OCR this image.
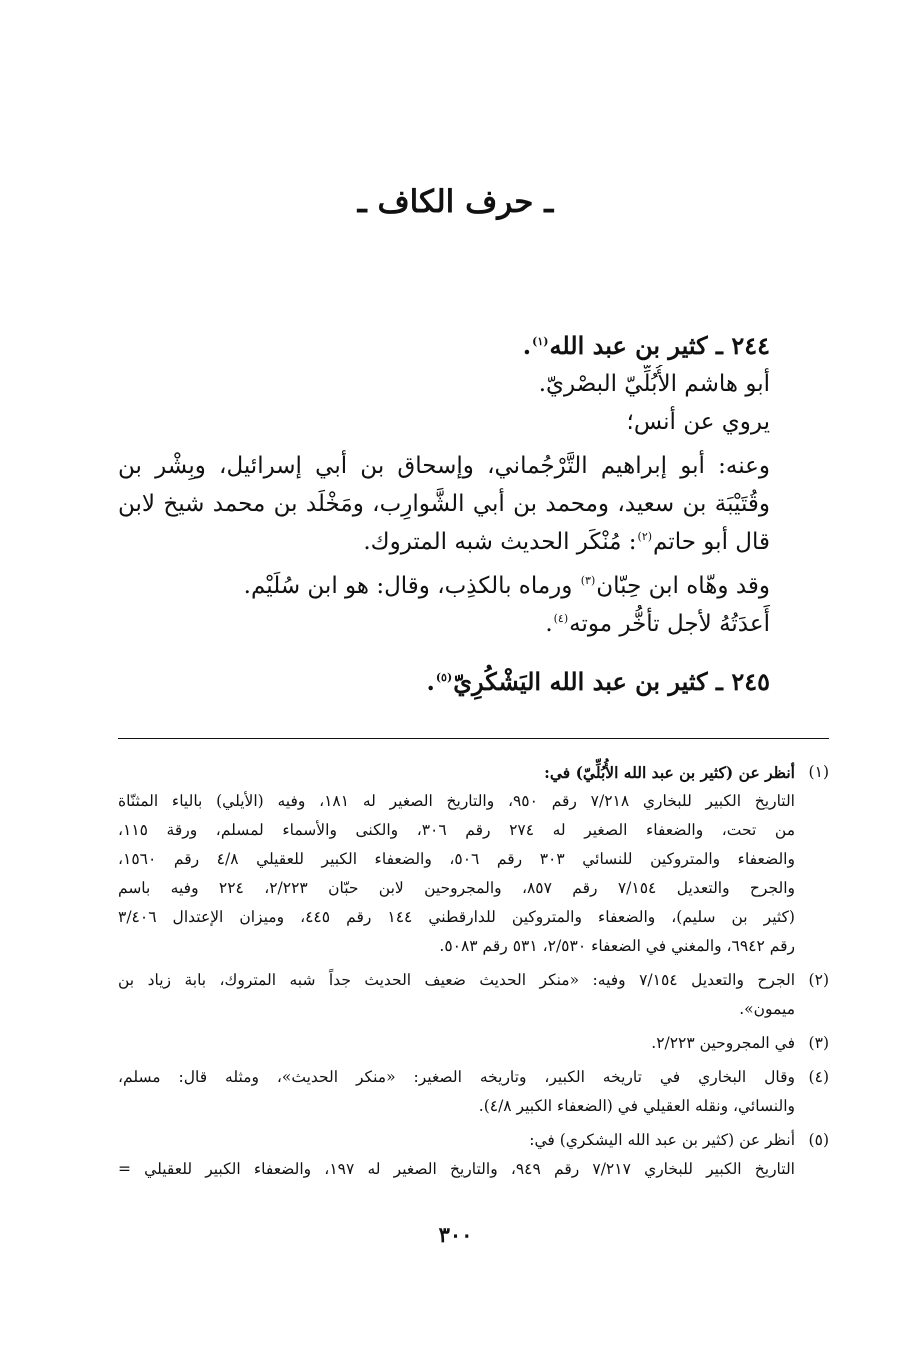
ـ حرف الكاف ـ
٢٤٤ ـ كثير بن عبد الله$^{(١)}$.
أبو هاشم الأُبُلِّيّ البصْريّ.
يروي عن أنس؛
وعنه: أبو إبراهيم التَّرْجُماني، وإسحاق بن أبي إسرائيل، وبِشْر بن
وقُتَيْبَة بن سعيد، ومحمد بن أبي الشَّوارِب، ومَخْلَد بن محمد شيخ لابن
قال أبو حاتم$^{(٢)}$: مُنْكَر الحديث شبه المتروك.
وقد وهّاه ابن حِبّان$^{(٣)}$ ورماه بالكذِب، وقال: هو ابن سُلَيْم.
أَعدَتُهُ لأجل تأخُّر موته$^{(٤)}$.
٢٤٥ ـ كثير بن عبد الله اليَشْكُرِيّ$^{(٥)}$.
(١)
أنظر عن (كثير بن عبد الله الأُبُلِّيّ) في:
التاريخ الكبير للبخاري ٧/٢١٨ رقم ٩٥٠، والتاريخ الصغير له ١٨١، وفيه (الأيلي) بالياء المثنّاة
من تحت، والضعفاء الصغير له ٢٧٤ رقم ٣٠٦، والكنى والأسماء لمسلم، ورقة ١١٥،
والضعفاء والمتروكين للنسائي ٣٠٣ رقم ٥٠٦، والضعفاء الكبير للعقيلي ٤/٨ رقم ١٥٦٠،
والجرح والتعديل ٧/١٥٤ رقم ٨٥٧، والمجروحين لابن حبّان ٢/٢٢٣، ٢٢٤ وفيه باسم
(كثير بن سليم)، والضعفاء والمتروكين للدارقطني ١٤٤ رقم ٤٤٥، وميزان الإعتدال ٣/٤٠٦
رقم ٦٩٤٢، والمغني في الضعفاء ٢/٥٣٠، ٥٣١ رقم ٥٠٨٣.
(٢)
الجرح والتعديل ٧/١٥٤ وفيه: «منكر الحديث ضعيف الحديث جداً شبه المتروك، بابة زياد بن
ميمون».
(٣)
في المجروحين ٢/٢٢٣.
(٤)
وقال البخاري في تاريخه الكبير، وتاريخه الصغير: «منكر الحديث»، ومثله قال: مسلم،
والنسائي، ونقله العقيلي في (الضعفاء الكبير ٤/٨).
(٥)
أنظر عن (كثير بن عبد الله اليشكري) في:
التاريخ الكبير للبخاري ٧/٢١٧ رقم ٩٤٩، والتاريخ الصغير له ١٩٧، والضعفاء الكبير للعقيلي =
٣٠٠
